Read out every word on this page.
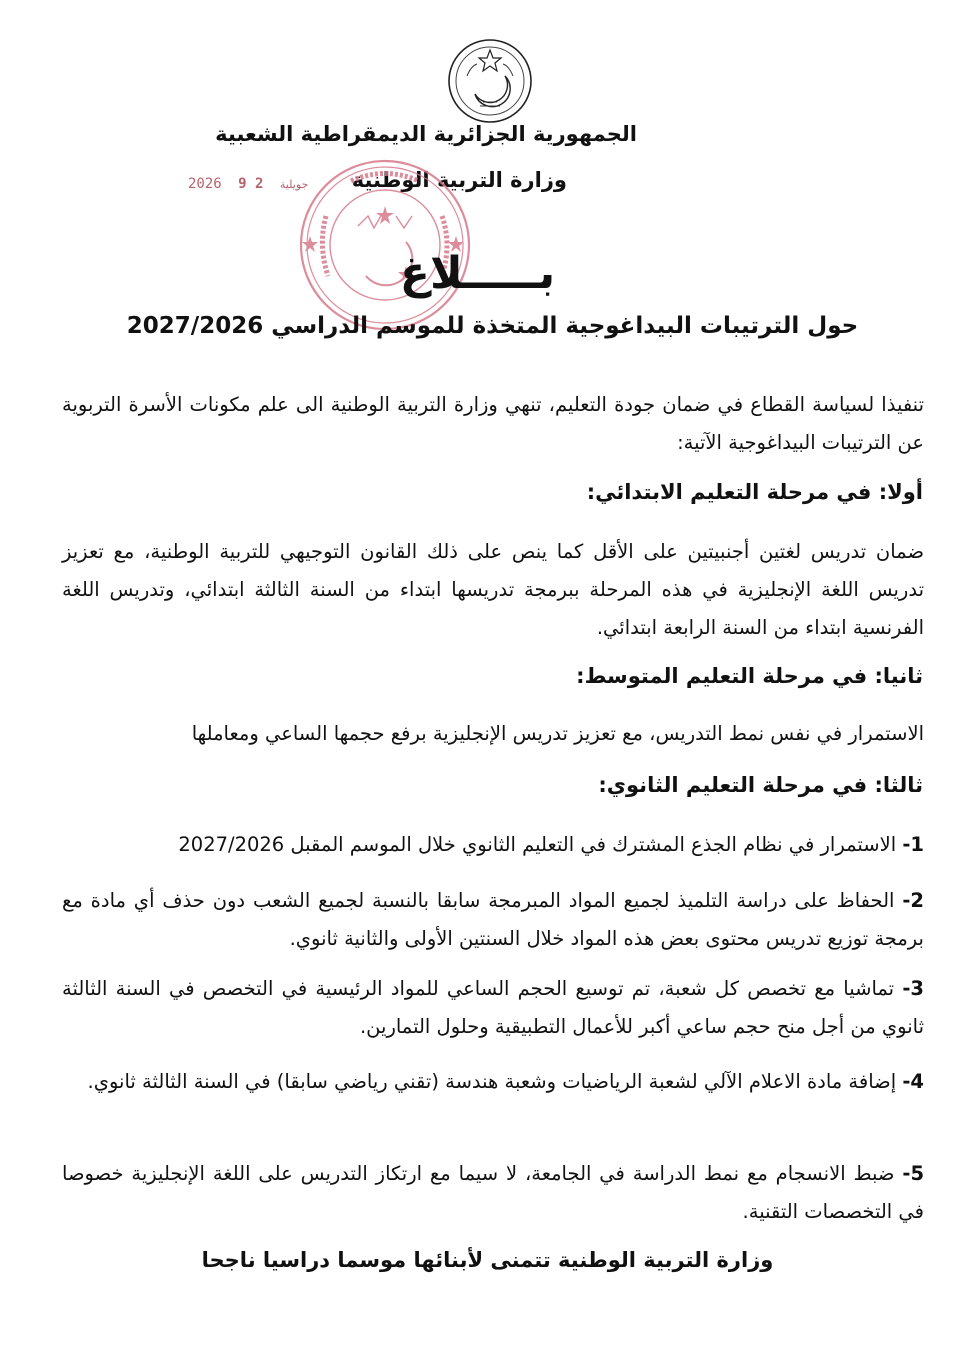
الجمهورية الجزائرية الديمقراطية الشعبية
وزارة التربية الوطنية
2026	جويلية 2 9
بـــــلاغ
حول الترتيبات البيداغوجية المتخذة للموسم الدراسي 2027/2026
تنفيذا لسياسة القطاع في ضمان جودة التعليم، تنهي وزارة التربية الوطنية الى علم مكونات الأسرة التربوية عن الترتيبات البيداغوجية الآتية:
أولا: في مرحلة التعليم الابتدائي:
ضمان تدريس لغتين أجنبيتين على الأقل كما ينص على ذلك القانون التوجيهي للتربية الوطنية، مع تعزيز تدريس اللغة الإنجليزية في هذه المرحلة ببرمجة تدريسها ابتداء من السنة الثالثة ابتدائي، وتدريس اللغة الفرنسية ابتداء من السنة الرابعة ابتدائي.
ثانيا: في مرحلة التعليم المتوسط:
الاستمرار في نفس نمط التدريس، مع تعزيز تدريس الإنجليزية برفع حجمها الساعي ومعاملها
ثالثا: في مرحلة التعليم الثانوي:
1- الاستمرار في نظام الجذع المشترك في التعليم الثانوي خلال الموسم المقبل 2027/2026
2- الحفاظ على دراسة التلميذ لجميع المواد المبرمجة سابقا بالنسبة لجميع الشعب دون حذف أي مادة مع برمجة توزيع تدريس محتوى بعض هذه المواد خلال السنتين الأولى والثانية ثانوي.
3- تماشيا مع تخصص كل شعبة، تم توسيع الحجم الساعي للمواد الرئيسية في التخصص في السنة الثالثة ثانوي من أجل منح حجم ساعي أكبر للأعمال التطبيقية وحلول التمارين.
4- إضافة مادة الاعلام الآلي لشعبة الرياضيات وشعبة هندسة (تقني رياضي سابقا) في السنة الثالثة ثانوي.
5- ضبط الانسجام مع نمط الدراسة في الجامعة، لا سيما مع ارتكاز التدريس على اللغة الإنجليزية خصوصا في التخصصات التقنية.
وزارة التربية الوطنية تتمنى لأبنائها موسما دراسيا ناجحا
